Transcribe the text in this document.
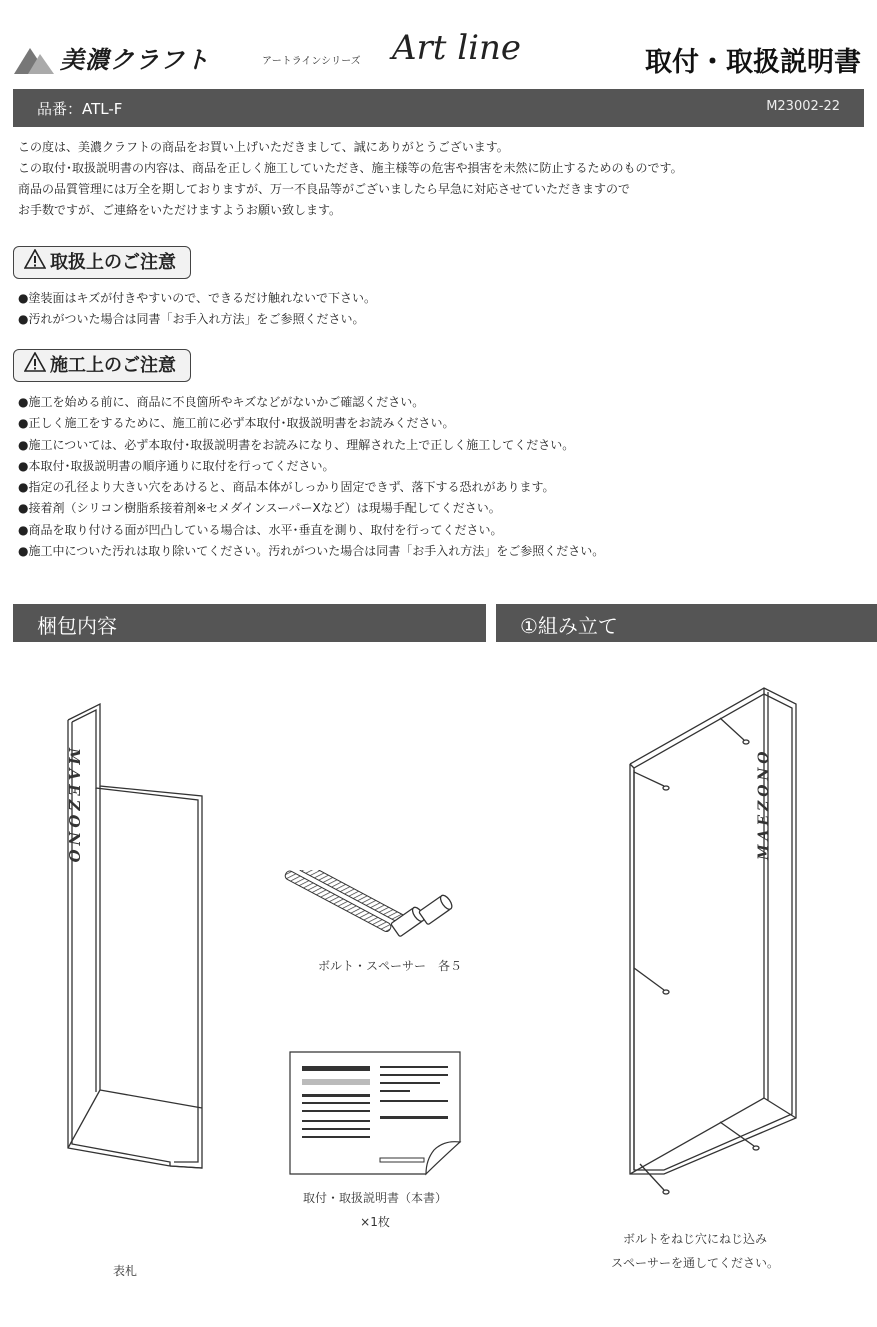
美濃クラフト	アートラインシリーズ Art line	取付・取扱説明書
品番：ATL-F	M23002-22
この度は、美濃クラフトの商品をお買い上げいただきまして、誠にありがとうございます。
この取付･取扱説明書の内容は、商品を正しく施工していただき、施主様等の危害や損害を未然に防止するためのものです。
商品の品質管理には万全を期しておりますが、万一不良品等がございましたら早急に対応させていただきますので
お手数ですが、ご連絡をいただけますようお願い致します。
取扱上のご注意
●塗装面はキズが付きやすいので、できるだけ触れないで下さい。
●汚れがついた場合は同書「お手入れ方法」をご参照ください。
施工上のご注意
●施工を始める前に、商品に不良箇所やキズなどがないかご確認ください。
●正しく施工をするために、施工前に必ず本取付･取扱説明書をお読みください。
●施工については、必ず本取付･取扱説明書をお読みになり、理解された上で正しく施工してください。
●本取付･取扱説明書の順序通りに取付を行ってください。
●指定の孔径より大きい穴をあけると、商品本体がしっかり固定できず、落下する恐れがあります。
●接着剤（シリコン樹脂系接着剤※セメダインスーパーXなど）は現場手配してください。
●商品を取り付ける面が凹凸している場合は、水平･垂直を測り、取付を行ってください。
●施工中についた汚れは取り除いてください。汚れがついた場合は同書「お手入れ方法」をご参照ください。
梱包内容	①組み立て
MAEZONO
表札
ボルト・スペーサー　各５
取付・取扱説明書（本書）
×1枚
MAEZONO
ボルトをねじ穴にねじ込み
スペーサーを通してください。
